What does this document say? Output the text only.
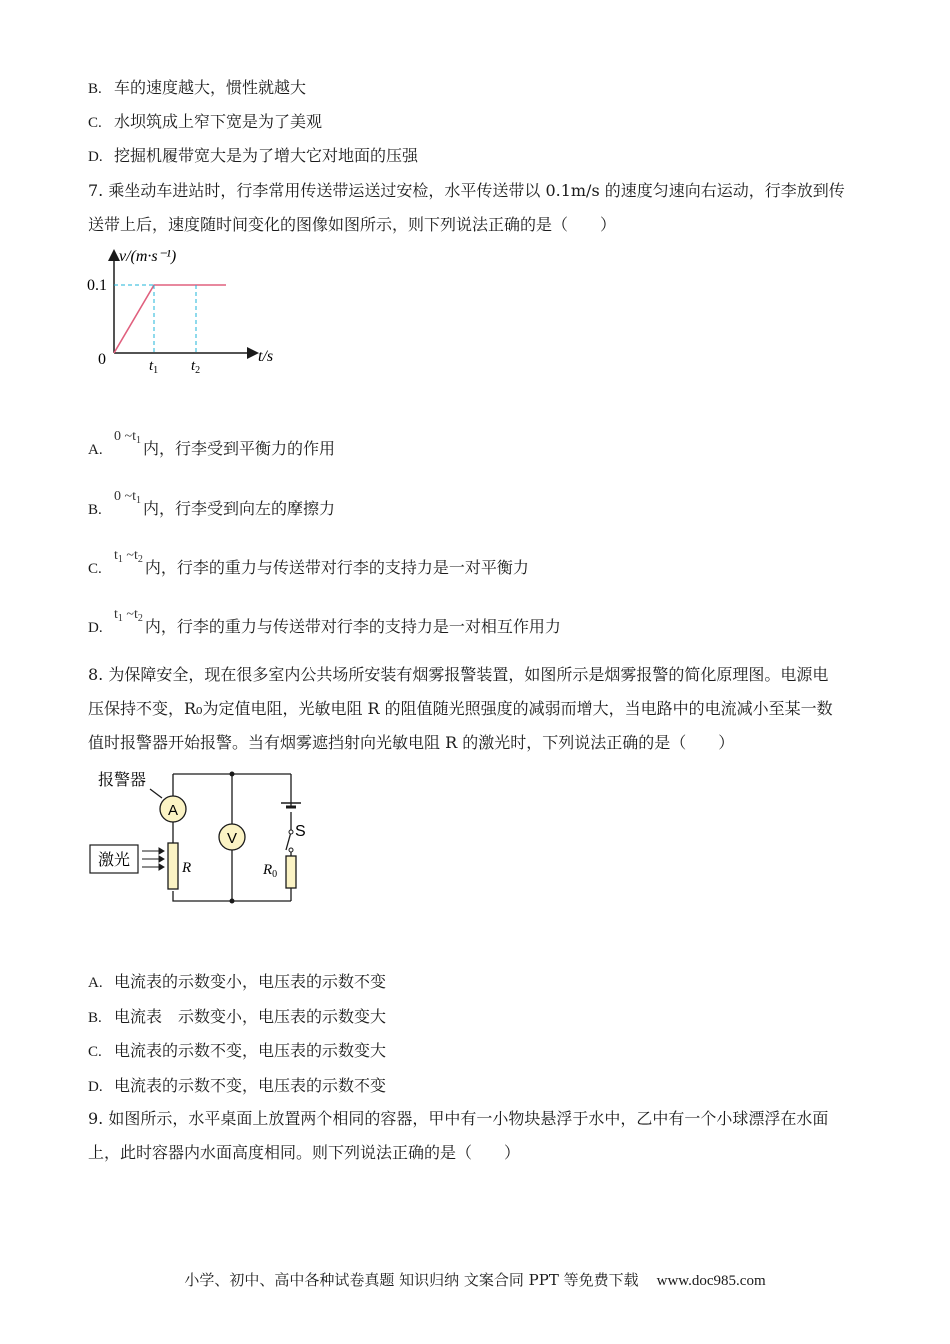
B. 车的速度越大，惯性就越大
C. 水坝筑成上窄下宽是为了美观
D. 挖掘机履带宽大是为了增大它对地面的压强

7. 乘坐动车进站时，行李常用传送带运送过安检，水平传送带以 0.1m/s 的速度匀速向右运动，行李放到传

送带上后，速度随时间变化的图像如图所示，则下列说法正确的是（　　）

v/(m·s⁻¹)
0.1
0	t/s
$t_1$ $t_2$
A.0 $\sim t_1$ 内，行李受到平衡力的作用
B.0 $\sim t_1$ 内，行李受到向左的摩擦力
$C.t_1$ $\sim t_2$ 内，行李的重力与传送带对行李的支持力是一对平衡力
$D.t_1$ $\sim t_2$ 内，行李的重力与传送带对行李的支持力是一对相互作用力

8. 为保障安全，现在很多室内公共场所安装有烟雾报警装置，如图所示是烟雾报警的简化原理图。电源电

压保持不变，R₀为定值电阻，光敏电阻 R 的阻值随光照强度的减弱而增大，当电路中的电流减小至某一数

值时报警器开始报警。当有烟雾遮挡射向光敏电阻 R 的激光时，下列说法正确的是（　　）

A
V
R	$R_0$
S
报警器
激光
A. 电流表的示数变小，电压表的示数不变
B. 电流表　示数变小，电压表的示数变大
C. 电流表的示数不变，电压表的示数变大
D. 电流表的示数不变，电压表的示数不变

9. 如图所示，水平桌面上放置两个相同的容器，甲中有一小物块悬浮于水中，乙中有一个小球漂浮在水面

上，此时容器内水面高度相同。则下列说法正确的是（　　）

小学、初中、高中各种试卷真题 知识归纳 文案合同 PPT 等免费下载 www.doc985.com
